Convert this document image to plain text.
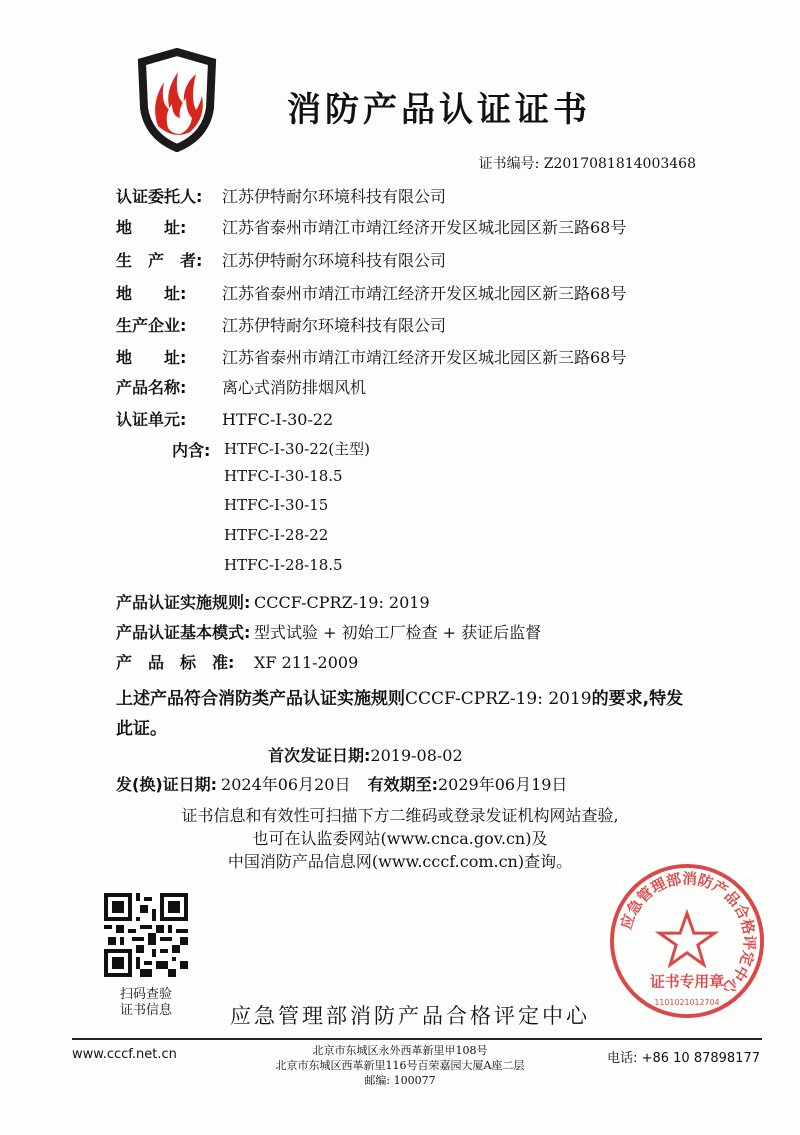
消防产品认证证书
证书编号: Z2017081814003468
认证委托人: 江苏伊特耐尔环境科技有限公司
地　　址: 江苏省泰州市靖江市靖江经济开发区城北园区新三路68号
生　产　者: 江苏伊特耐尔环境科技有限公司
地　　址: 江苏省泰州市靖江市靖江经济开发区城北园区新三路68号
生产企业: 江苏伊特耐尔环境科技有限公司
地　　址: 江苏省泰州市靖江市靖江经济开发区城北园区新三路68号
产品名称: 离心式消防排烟风机
认证单元: HTFC-I-30-22
内含: HTFC-I-30-22(主型)
HTFC-I-30-18.5
HTFC-I-30-15
HTFC-I-28-22
HTFC-I-28-18.5
产品认证实施规则: CCCF-CPRZ-19: 2019
产品认证基本模式: 型式试验 + 初始工厂检查 + 获证后监督
产　品　标　准: XF 211-2009
上述产品符合消防类产品认证实施规则CCCF-CPRZ-19: 2019的要求,特发此证。
首次发证日期:2019-08-02
发(换)证日期: 2024年06月20日 有效期至:2029年06月19日
证书信息和有效性可扫描下方二维码或登录发证机构网站查验,
也可在认监委网站(www.cnca.gov.cn)及
中国消防产品信息网(www.cccf.com.cn)查询。
扫码查验
证书信息
应急管理部消防产品合格评定中心
证书专用章
1101021012704
应急管理部消防产品合格评定中心
www.cccf.net.cn	北京市东城区永外西革新里甲108号
北京市东城区西革新里116号百荣嘉园大厦A座二层
邮编: 100077
电话: +86 10 87898177
